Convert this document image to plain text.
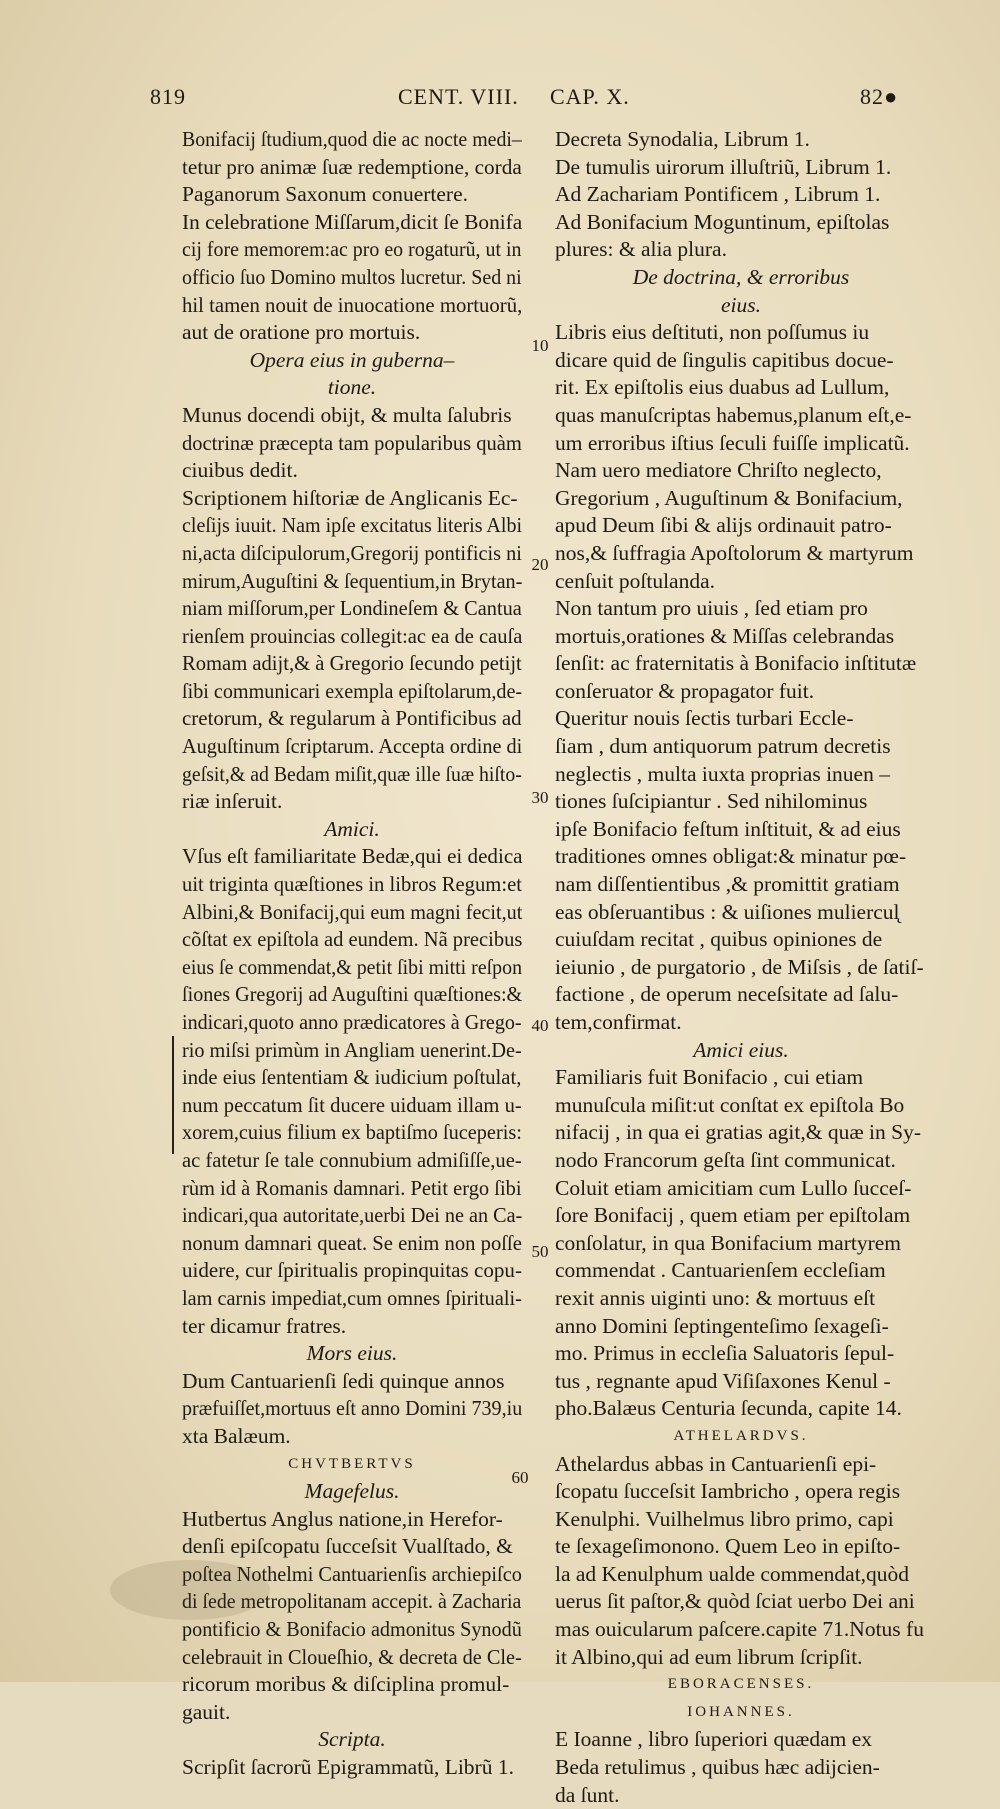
819	CENT. VIII. CAP. X.	82●
Bonifacij ſtudium,quod die ac nocte medi–
tetur pro animæ ſuæ redemptione, corda
Paganorum Saxonum conuertere.
In celebratione Miſſarum,dicit ſe Bonifa
cij fore memorem:ac pro eo rogaturũ, ut in
officio ſuo Domino multos lucretur. Sed ni
hil tamen nouit de inuocatione mortuorũ,
aut de oratione pro mortuis.
Opera eius in guberna–
tione.
Munus docendi obijt, & multa ſalubris
doctrinæ præcepta tam popularibus quàm
ciuibus dedit.
Scriptionem hiſtoriæ de Anglicanis Ec-
cleſijs iuuit. Nam ipſe excitatus literis Albi
ni,acta diſcipulorum,Gregorij pontificis ni
mirum,Auguſtini & ſequentium,in Brytan-
niam miſſorum,per Londineſem & Cantua
rienſem prouincias collegit:ac ea de cauſa
Romam adijt,& à Gregorio ſecundo petijt
ſibi communicari exempla epiſtolarum,de-
cretorum, & regularum à Pontificibus ad
Auguſtinum ſcriptarum. Accepta ordine di
geſsit,& ad Bedam miſit,quæ ille ſuæ hiſto-
riæ inſeruit.
Amici.
Vſus eſt familiaritate Bedæ,qui ei dedica
uit triginta quæſtiones in libros Regum:et
Albini,& Bonifacij,qui eum magni fecit,ut
cõſtat ex epiſtola ad eundem. Nã precibus
eius ſe commendat,& petit ſibi mitti reſpon
ſiones Gregorij ad Auguſtini quæſtiones:&
indicari,quoto anno prædicatores à Grego-
rio miſsi primùm in Angliam uenerint.De-
inde eius ſententiam & iudicium poſtulat,
num peccatum ſit ducere uiduam illam u-
xorem,cuius filium ex baptiſmo ſuceperis:
ac fatetur ſe tale connubium admiſiſſe,ue-
rùm id à Romanis damnari. Petit ergo ſibi
indicari,qua autoritate,uerbi Dei ne an Ca-
nonum damnari queat. Se enim non poſſe
uidere, cur ſpiritualis propinquitas copu-
lam carnis impediat,cum omnes ſpirituali-
ter dicamur fratres.
Mors eius.
Dum Cantuarienſi ſedi quinque annos
præfuiſſet,mortuus eſt anno Domini 739,iu
xta Balæum.
CHVTBERTVS
Magefelus.
Hutbertus Anglus natione,in Herefor-
denſi epiſcopatu ſucceſsit Vualſtado, &
poſtea Nothelmi Cantuarienſis archiepiſco
di ſede metropolitanam accepit. à Zacharia
pontificio & Bonifacio admonitus Synodũ
celebrauit in Cloueſhio, & decreta de Cle-
ricorum moribus & diſciplina promul-
gauit.
Scripta.
Scripſit ſacrorũ Epigrammatũ, Librũ 1.
Decreta Synodalia, Librum 1.
De tumulis uirorum illuſtriũ, Librum 1.
Ad Zachariam Pontificem , Librum 1.
Ad Bonifacium Moguntinum, epiſtolas
plures: & alia plura.
De doctrina, & erroribus
eius.
Libris eius deſtituti, non poſſumus iu
dicare quid de ſingulis capitibus docue-
rit. Ex epiſtolis eius duabus ad Lullum,
quas manuſcriptas habemus,planum eſt,e-
um erroribus iſtius ſeculi fuiſſe implicatũ.
Nam uero mediatore Chriſto neglecto,
Gregorium , Auguſtinum & Bonifacium,
apud Deum ſibi & alijs ordinauit patro-
nos,& ſuffragia Apoſtolorum & martyrum
cenſuit poſtulanda.
Non tantum pro uiuis , ſed etiam pro
mortuis,orationes & Miſſas celebrandas
ſenſit: ac fraternitatis à Bonifacio inſtitutæ
conſeruator & propagator fuit.
Queritur nouis ſectis turbari Eccle-
ſiam , dum antiquorum patrum decretis
neglectis , multa iuxta proprias inuen –
tiones ſuſcipiantur . Sed nihilominus
ipſe Bonifacio feſtum inſtituit, & ad eius
traditiones omnes obligat:& minatur pœ-
nam diſſentientibus ,& promittit gratiam
eas obſeruantibus : & uiſiones muliercul̨
cuiuſdam recitat , quibus opiniones de
ieiunio , de purgatorio , de Miſsis , de ſatiſ-
factione , de operum neceſsitate ad ſalu-
tem,confirmat.
Amici eius.
Familiaris fuit Bonifacio , cui etiam
munuſcula miſit:ut conſtat ex epiſtola Bo
nifacij , in qua ei gratias agit,& quæ in Sy-
nodo Francorum geſta ſint communicat.
Coluit etiam amicitiam cum Lullo ſucceſ-
ſore Bonifacij , quem etiam per epiſtolam
conſolatur, in qua Bonifacium martyrem
commendat . Cantuarienſem eccleſiam
rexit annis uiginti uno: & mortuus eſt
anno Domini ſeptingenteſimo ſexageſi-
mo. Primus in eccleſia Saluatoris ſepul-
tus , regnante apud Viſiſaxones Kenul -
pho.Balæus Centuria ſecunda, capite 14.
ATHELARDVS.
Athelardus abbas in Cantuarienſi epi-
ſcopatu ſucceſsit Iambricho , opera regis
Kenulphi. Vuilhelmus libro primo, capi
te ſexageſimonono. Quem Leo in epiſto-
la ad Kenulphum ualde commendat,quòd
uerus ſit paſtor,& quòd ſciat uerbo Dei ani
mas ouicularum paſcere.capite 71.Notus fu
it Albino,qui ad eum librum ſcripſit.
EBORACENSES.
IOHANNES.
E Ioanne , libro ſuperiori quædam ex
Beda retulimus , quibus hæc adijcien-
da ſunt.
10
20
30
40
50
60
